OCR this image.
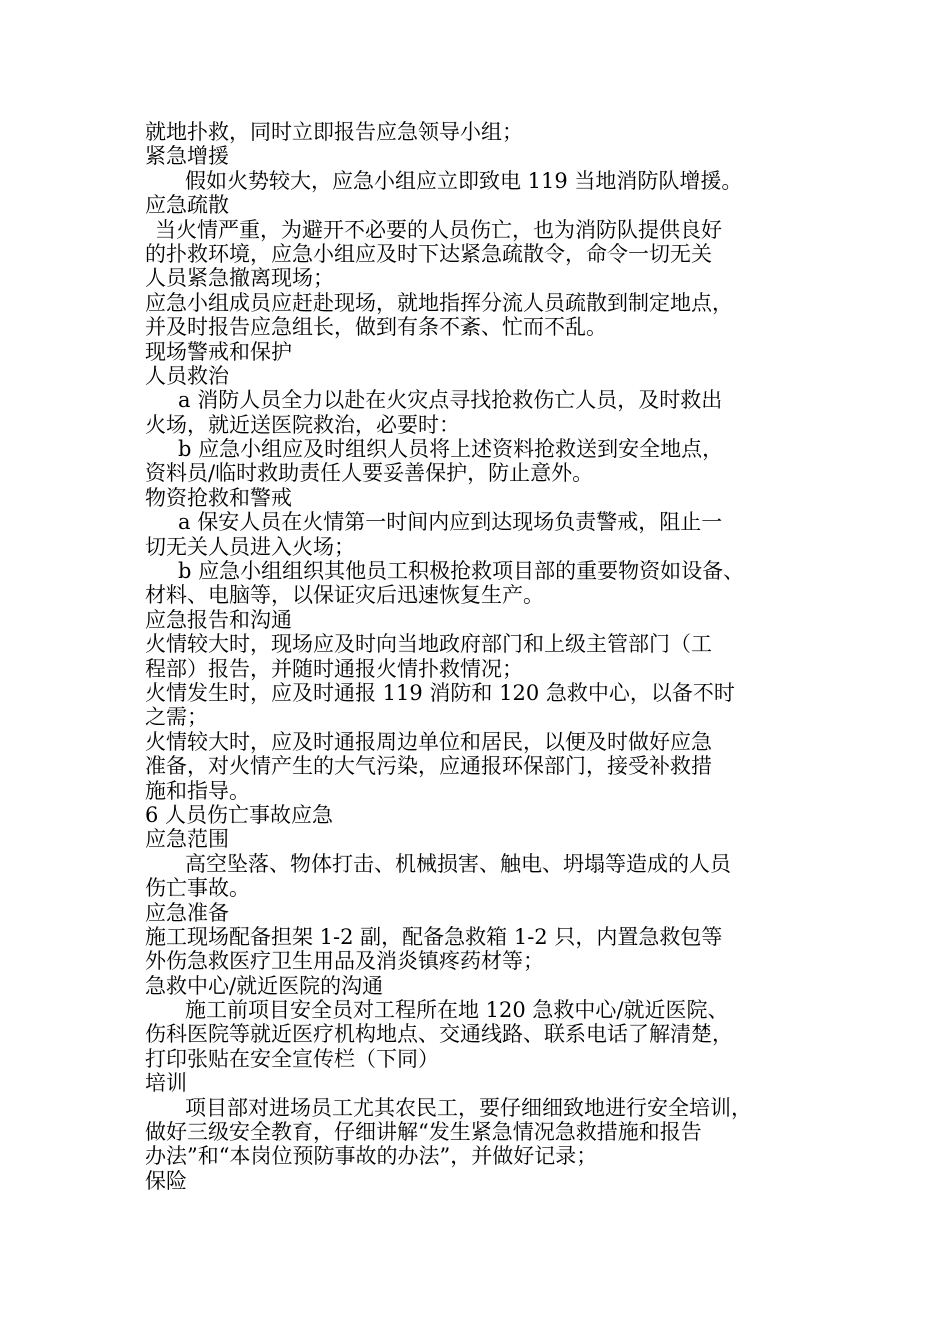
就地扑救，同时立即报告应急领导小组；
紧急增援
假如火势较大，应急小组应立即致电 119 当地消防队增援。
应急疏散
当火情严重，为避开不必要的人员伤亡，也为消防队提供良好
的扑救环境，应急小组应及时下达紧急疏散令，命令一切无关
人员紧急撤离现场；
应急小组成员应赶赴现场，就地指挥分流人员疏散到制定地点，
并及时报告应急组长，做到有条不紊、忙而不乱。
现场警戒和保护
人员救治
a 消防人员全力以赴在火灾点寻找抢救伤亡人员，及时救出
火场，就近送医院救治，必要时：
b 应急小组应及时组织人员将上述资料抢救送到安全地点，
资料员/临时救助责任人要妥善保护，防止意外。
物资抢救和警戒
a 保安人员在火情第一时间内应到达现场负责警戒，阻止一
切无关人员进入火场；
b 应急小组组织其他员工积极抢救项目部的重要物资如设备、
材料、电脑等，以保证灾后迅速恢复生产。
应急报告和沟通
火情较大时，现场应及时向当地政府部门和上级主管部门（工
程部）报告，并随时通报火情扑救情况；
火情发生时，应及时通报 119 消防和 120 急救中心，以备不时
之需；
火情较大时，应及时通报周边单位和居民，以便及时做好应急
准备，对火情产生的大气污染，应通报环保部门，接受补救措
施和指导。
6 人员伤亡事故应急
应急范围
高空坠落、物体打击、机械损害、触电、坍塌等造成的人员
伤亡事故。
应急准备
施工现场配备担架 1-2 副，配备急救箱 1-2 只，内置急救包等
外伤急救医疗卫生用品及消炎镇疼药材等；
急救中心/就近医院的沟通
施工前项目安全员对工程所在地 120 急救中心/就近医院、
伤科医院等就近医疗机构地点、交通线路、联系电话了解清楚，
打印张贴在安全宣传栏（下同）
培训
项目部对进场员工尤其农民工，要仔细细致地进行安全培训，
做好三级安全教育，仔细讲解“发生紧急情况急救措施和报告
办法”和“本岗位预防事故的办法”，并做好记录；
保险
